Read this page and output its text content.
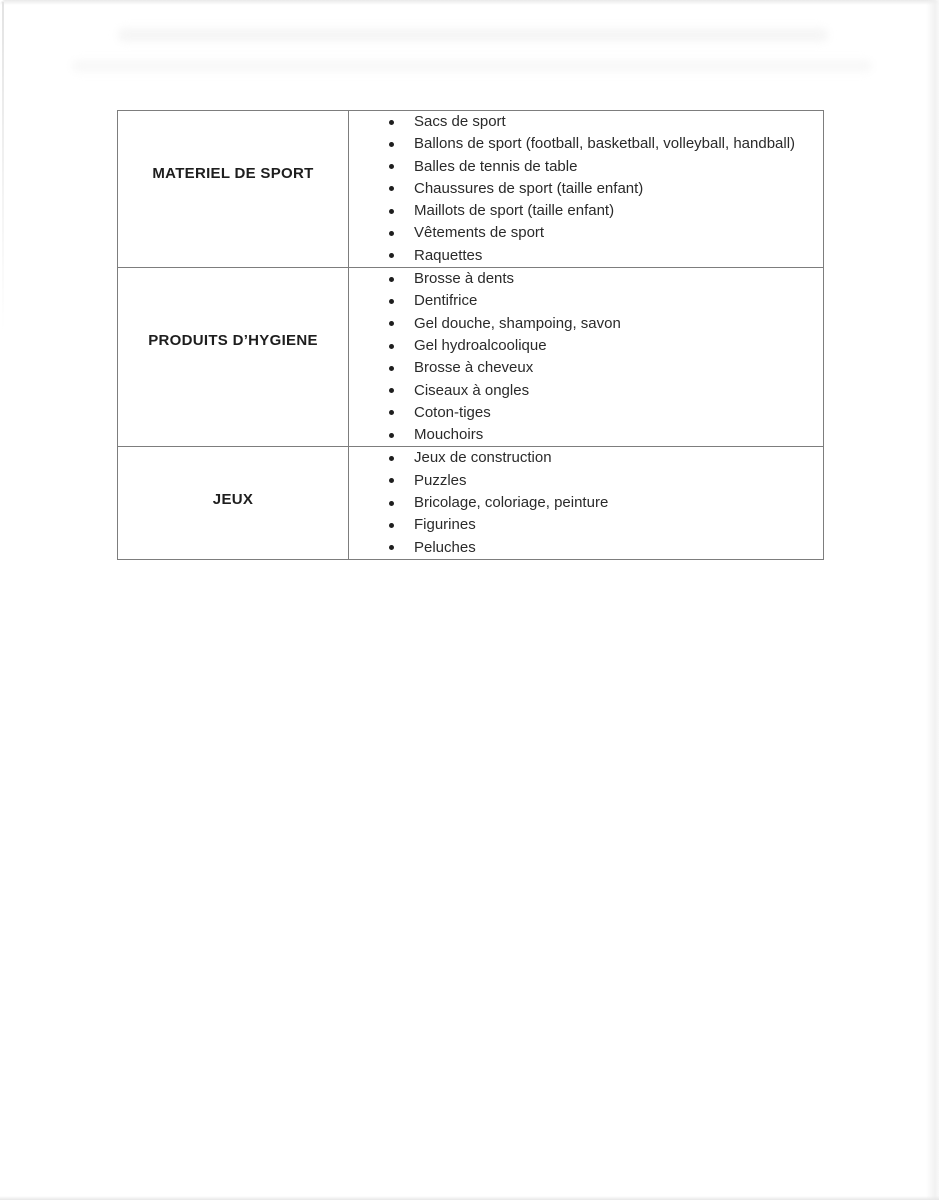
MATERIEL DE SPORT	
Sacs de sport
Ballons de sport (football, basketball, volleyball, handball)
Balles de tennis de table
Chaussures de sport (taille enfant)
Maillots de sport (taille enfant)
Vêtements de sport
Raquettes

PRODUITS D’HYGIENE	
Brosse à dents
Dentifrice
Gel douche, shampoing, savon
Gel hydroalcoolique
Brosse à cheveux
Ciseaux à ongles
Coton-tiges
Mouchoirs

JEUX	
Jeux de construction
Puzzles
Bricolage, coloriage, peinture
Figurines
Peluches
